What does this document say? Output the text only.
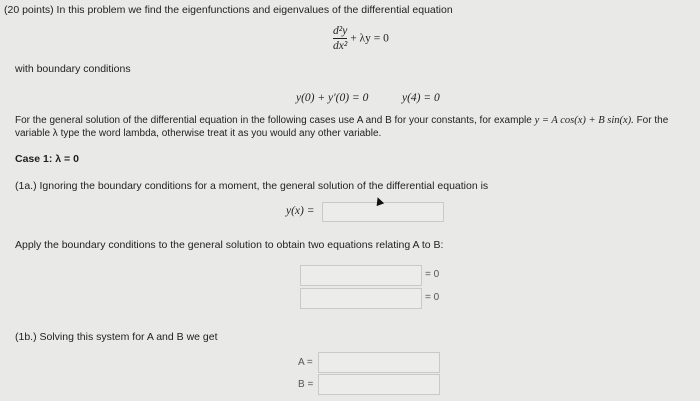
(20 points) In this problem we find the eigenfunctions and eigenvalues of the differential equation
$\frac{\text{d²y}}{\text{dx²}} + \lambda y = 0$
with boundary conditions
y(0) + y′(0) = 0	y(4) = 0
For the general solution of the differential equation in the following cases use A and B for your constants, for example y = A cos(x) + B sin(x). For the
variable λ type the word lambda, otherwise treat it as you would any other variable.
Case 1: λ = 0
(1a.) Ignoring the boundary conditions for a moment, the general solution of the differential equation is
y(x) =
Apply the boundary conditions to the general solution to obtain two equations relating A to B:
= 0
= 0
(1b.) Solving this system for A and B we get
A =
B =
